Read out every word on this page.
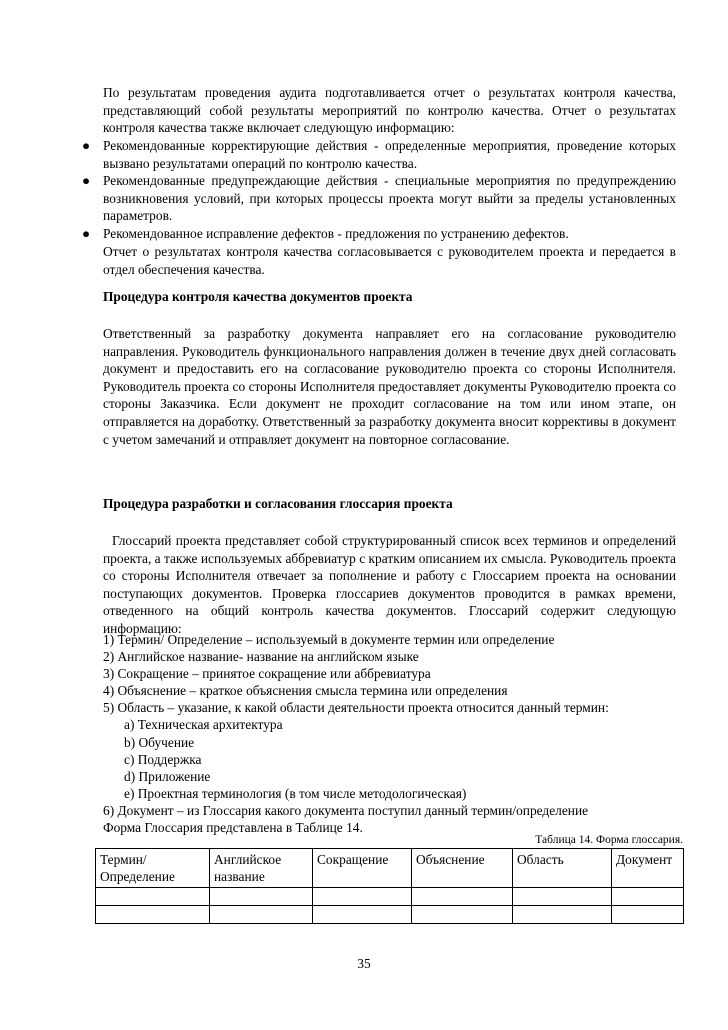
По результатам проведения аудита подготавливается отчет о результатах контроля качества, представляющий собой результаты мероприятий по контролю качества. Отчет о результатах контроля качества также включает следующую информацию:
● Рекомендованные корректирующие действия - определенные мероприятия, проведение которых вызвано результатами операций по контролю качества.
● Рекомендованные предупреждающие действия - специальные мероприятия по предупреждению возникновения условий, при которых процессы проекта могут выйти за пределы установленных параметров.
● Рекомендованное исправление дефектов - предложения по устранению дефектов.
Отчет о результатах контроля качества согласовывается с руководителем проекта и передается в отдел обеспечения качества.
Процедура контроля качества документов проекта
Ответственный за разработку документа направляет его на согласование руководителю направления. Руководитель функционального направления должен в течение двух дней согласовать документ и предоставить его на согласование руководителю проекта со стороны Исполнителя. Руководитель проекта со стороны Исполнителя предоставляет документы Руководителю проекта со стороны Заказчика. Если документ не проходит согласование на том или ином этапе, он отправляется на доработку. Ответственный за разработку документа вносит коррективы в документ с учетом замечаний и отправляет документ на повторное согласование.
Процедура разработки и согласования глоссария проекта
Глоссарий проекта представляет собой структурированный список всех терминов и определений проекта, а также используемых аббревиатур с кратким описанием их смысла. Руководитель проекта со стороны Исполнителя отвечает за пополнение и работу с Глоссарием проекта на основании поступающих документов. Проверка глоссариев документов проводится в рамках времени, отведенного на общий контроль качества документов. Глоссарий содержит следующую информацию:
1) Термин/ Определение – используемый в документе термин или определение
2) Английское название- название на английском языке
3) Сокращение – принятое сокращение или аббревиатура
4) Объяснение – краткое объяснения смысла термина или определения
5) Область – указание, к какой области деятельности проекта относится данный термин:
a) Техническая архитектура
b) Обучение
c) Поддержка
d) Приложение
e) Проектная терминология (в том числе методологическая)
6) Документ – из Глоссария какого документа поступил данный термин/определение
Форма Глоссария представлена в Таблице 14.
Таблица 14. Форма глоссария.
Термин/ Определение	Английское название	Сокращение	Объяснение	Область	Документ

35
